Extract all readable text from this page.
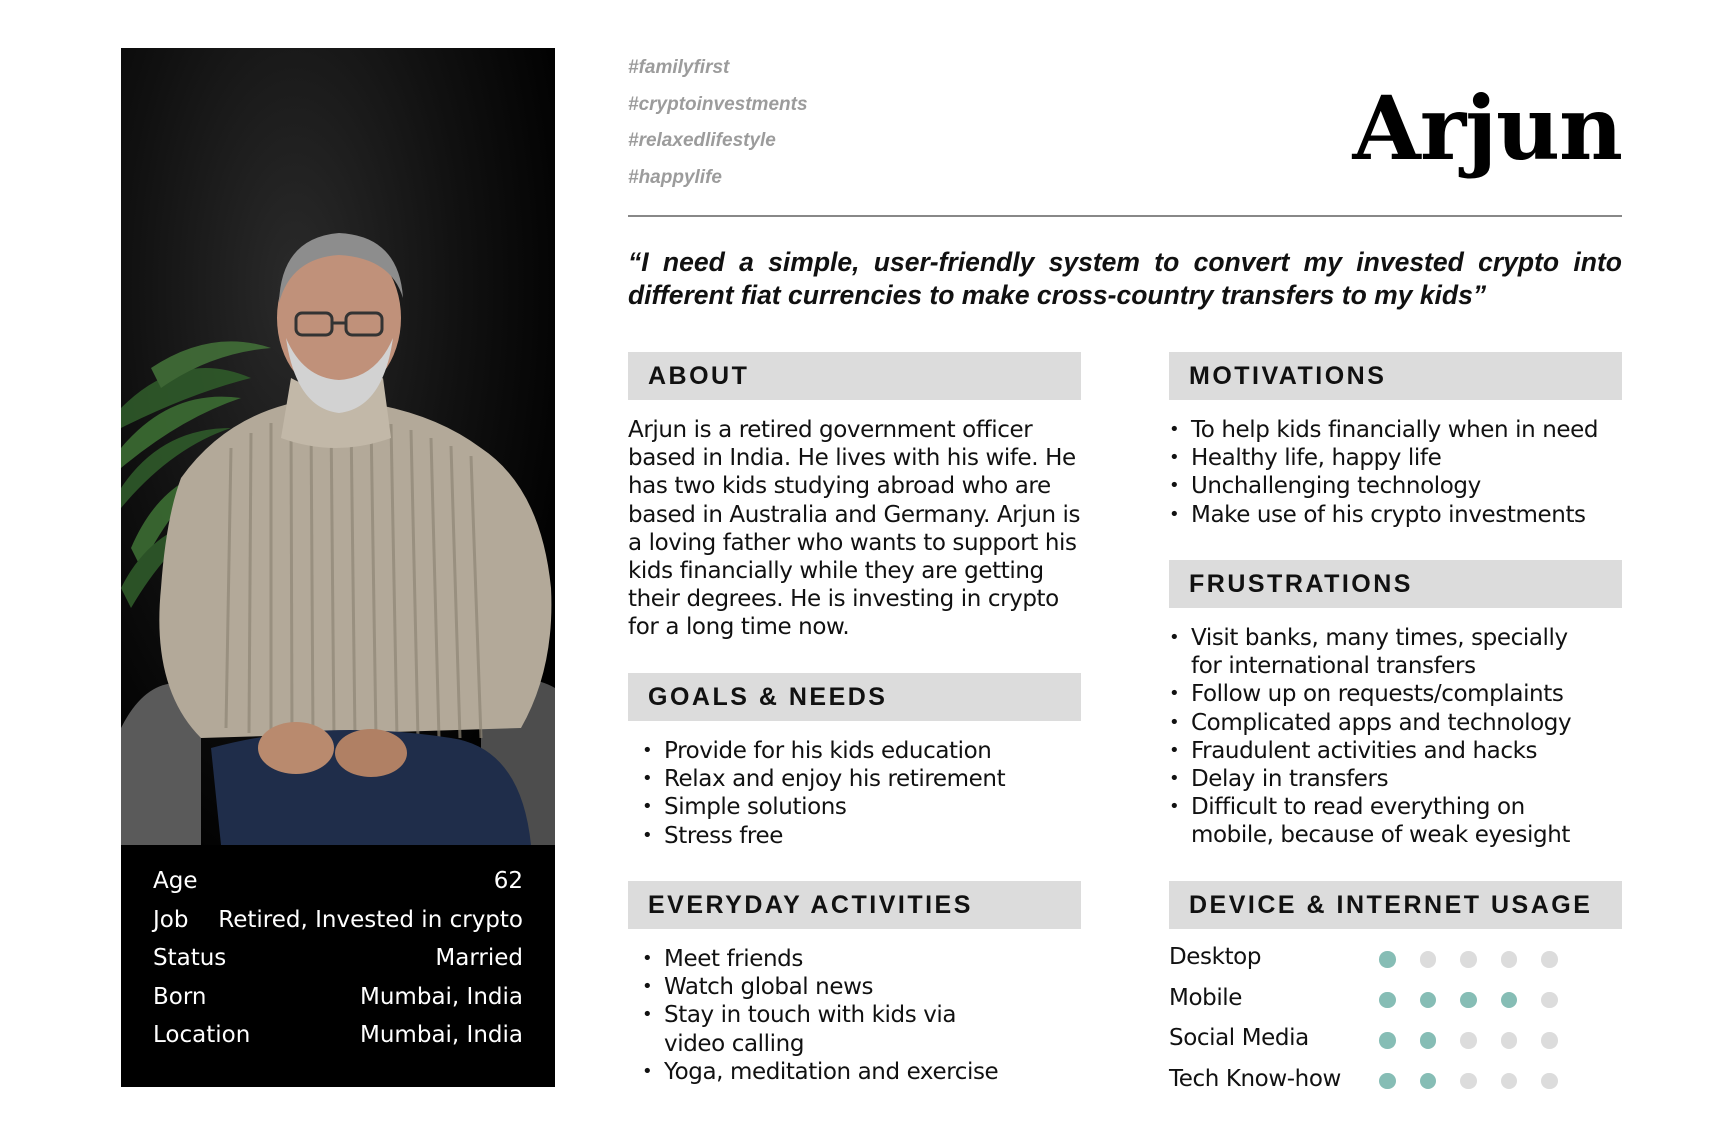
Age	62
Job Retired, Invested in crypto
Status	Married
Born	Mumbai, India
Location	Mumbai, India
#familyfirst
#cryptoinvestments
#relaxedlifestyle
#happylife	Arjun
“I need a simple, user-friendly system to convert my invested crypto into different fiat currencies to make cross-country transfers to my kids”
ABOUT
Arjun is a retired government officer based in India. He lives with his wife. He has two kids studying abroad who are based in Australia and Germany. Arjun is a loving father who wants to support his kids financially while they are getting their degrees. He is investing in crypto for a long time now.
GOALS & NEEDS
• Provide for his kids education
• Relax and enjoy his retirement
• Simple solutions
• Stress free
EVERYDAY ACTIVITIES
• Meet friends
• Watch global news
• Stay in touch with kids via video calling
• Yoga, meditation and exercise
MOTIVATIONS
• To help kids financially when in need
• Healthy life, happy life
• Unchallenging technology
• Make use of his crypto investments
FRUSTRATIONS
• Visit banks, many times, specially for international transfers
• Follow up on requests/complaints
• Complicated apps and technology
• Fraudulent activities and hacks
• Delay in transfers
• Difficult to read everything on mobile, because of weak eyesight
DEVICE & INTERNET USAGE
Desktop
Mobile
Social Media
Tech Know-how
